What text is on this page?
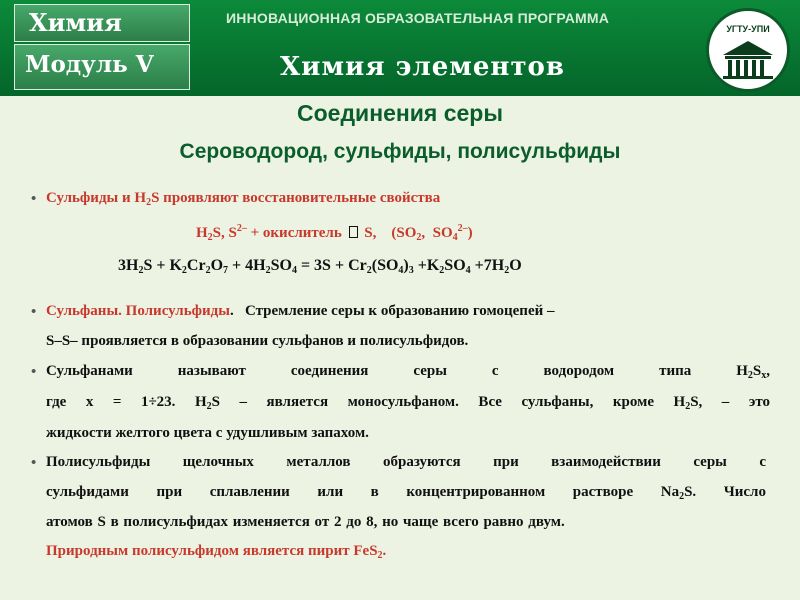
Химия
Модуль V
ИННОВАЦИОННАЯ ОБРАЗОВАТЕЛЬНАЯ ПРОГРАММА
Химия элементов
УГТУ-УПИ
Соединения серы
Сероводород, сульфиды, полисульфиды
• Сульфиды и $H_2S$ проявляют восстановительные свойства
$H_2S$, $S^{2-}$ + окислитель S, ($SO_2$, $SO_4^{2-}$)
$3H_2S + K_2Cr_2O_7 + 4H_2SO_4 = 3S + Cr_2(SO_4)_3 +K_2SO_4 +7H_2O$
• Сульфаны. Полисульфиды. Стремление серы к образованию гомоцепей –
S–S– проявляется в образовании сульфанов и полисульфидов.
• Сульфанами называют соединения серы с водородом типа $H_2S_x$,
где x = 1÷23. $H_2S$ – является моносульфаном. Все сульфаны, кроме $H_2S$, – это
жидкости желтого цвета с удушливым запахом.
• Полисульфиды щелочных металлов образуются при взаимодействии серы с
сульфидами при сплавлении или в концентрированном растворе $Na_2S$. Число
атомов S в полисульфидах изменяется от 2 до 8, но чаще всего равно двум.
Природным полисульфидом является пирит FeS$_2$.
